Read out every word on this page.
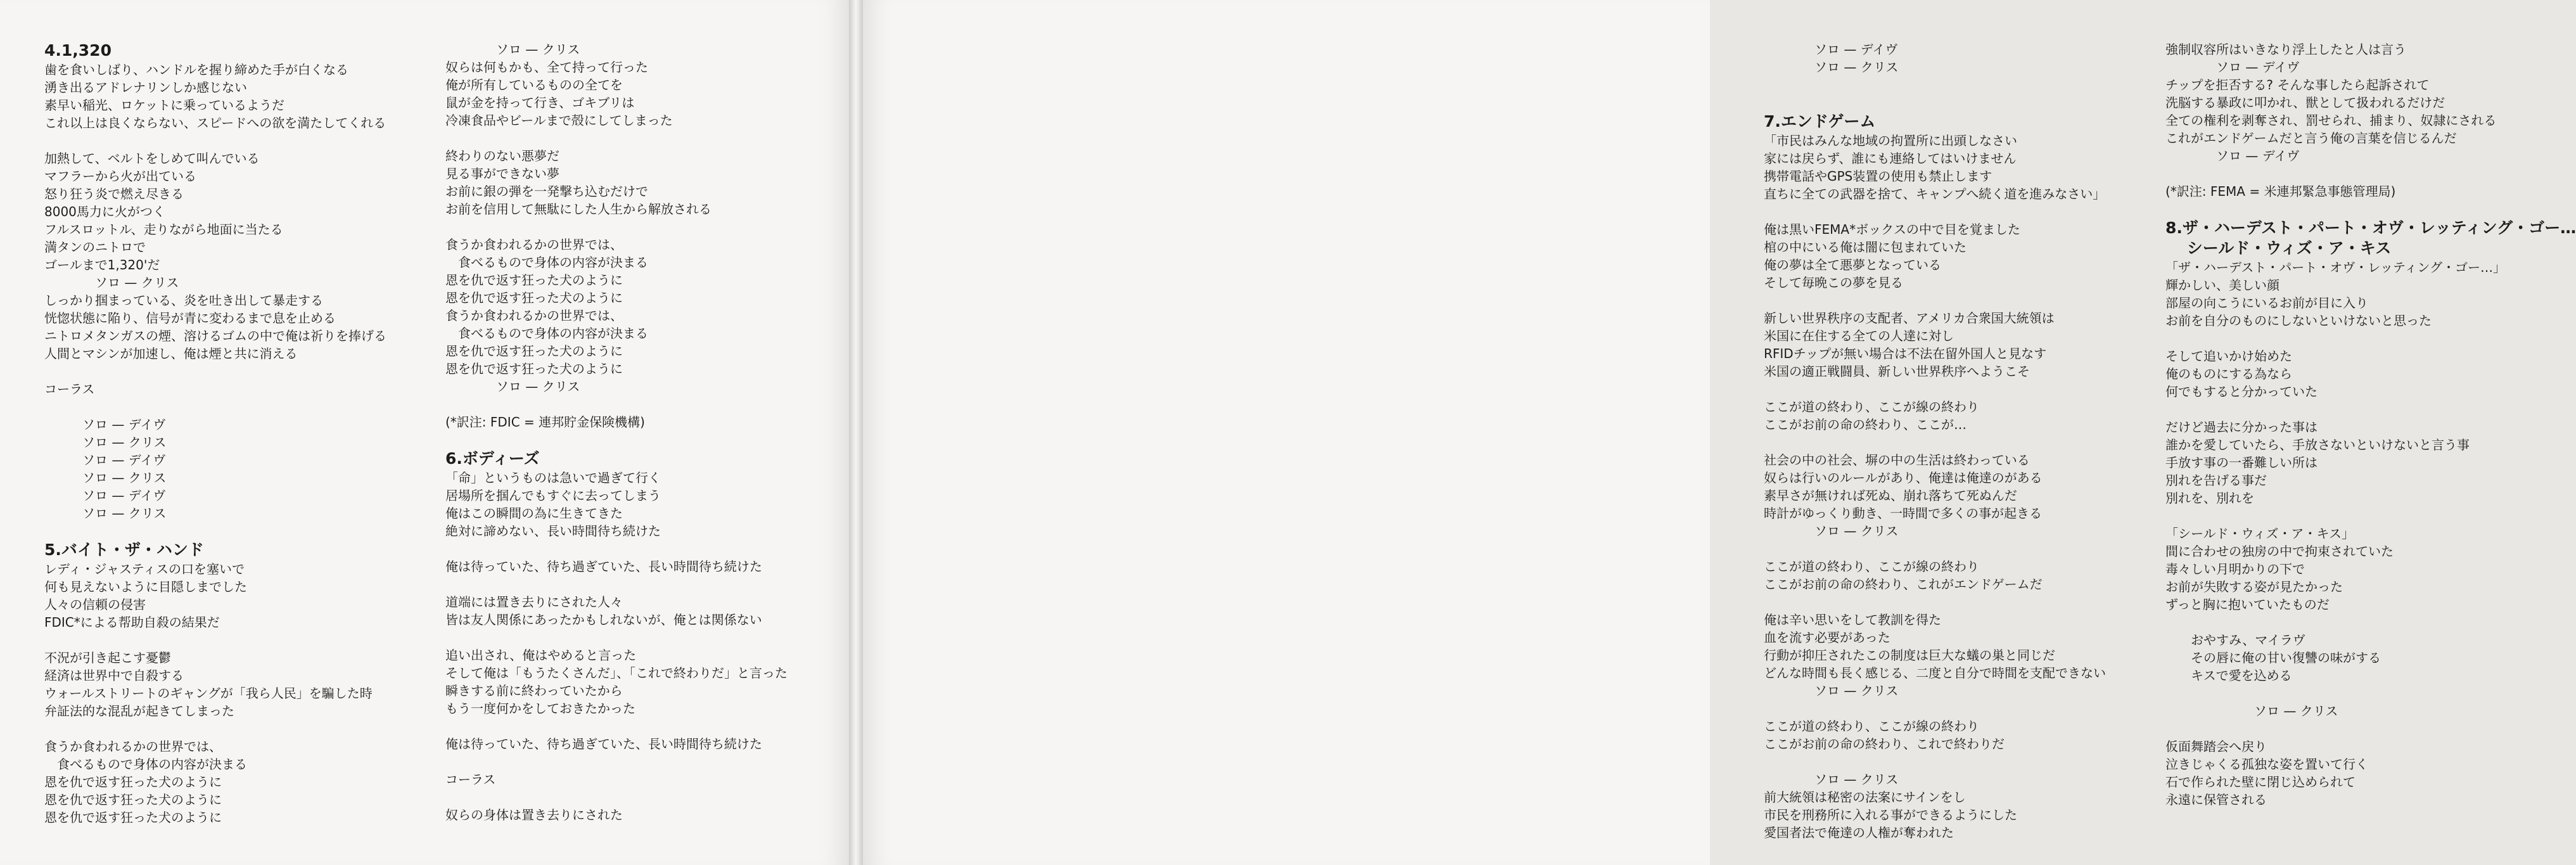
4.1,320
歯を食いしばり、ハンドルを握り締めた手が白くなる
湧き出るアドレナリンしか感じない
素早い稲光、ロケットに乗っているようだ
これ以上は良くならない、スピードへの欲を満たしてくれる
加熱して、ベルトをしめて叫んでいる
マフラーから火が出ている
怒り狂う炎で燃え尽きる
8000馬力に火がつく
フルスロットル、走りながら地面に当たる
満タンのニトロで
ゴールまで1,320'だ
　　　　ソロ — クリス
しっかり掴まっている、炎を吐き出して暴走する
恍惚状態に陥り、信号が青に変わるまで息を止める
ニトロメタンガスの煙、溶けるゴムの中で俺は祈りを捧げる
人間とマシンが加速し、俺は煙と共に消える
コーラス
　　　ソロ — デイヴ
　　　ソロ — クリス
　　　ソロ — デイヴ
　　　ソロ — クリス
　　　ソロ — デイヴ
　　　ソロ — クリス
5.バイト・ザ・ハンド
レディ・ジャスティスの口を塞いで
何も見えないように目隠しまでした
人々の信頼の侵害
FDIC*による帮助自殺の結果だ
不況が引き起こす憂鬱
経済は世界中で自殺する
ウォールストリートのギャングが「我ら人民」を騙した時
弁証法的な混乱が起きてしまった
食うか食われるかの世界では、
　食べるもので身体の内容が決まる
恩を仇で返す狂った犬のように
恩を仇で返す狂った犬のように
恩を仇で返す狂った犬のように
　　　　ソロ — クリス
奴らは何もかも、全て持って行った
俺が所有しているものの全てを
鼠が金を持って行き、ゴキブリは
冷凍食品やビールまで殻にしてしまった
終わりのない悪夢だ
見る事ができない夢
お前に銀の弾を一発撃ち込むだけで
お前を信用して無駄にした人生から解放される
食うか食われるかの世界では、
　食べるもので身体の内容が決まる
恩を仇で返す狂った犬のように
恩を仇で返す狂った犬のように
食うか食われるかの世界では、
　食べるもので身体の内容が決まる
恩を仇で返す狂った犬のように
恩を仇で返す狂った犬のように
　　　　ソロ — クリス
(*訳注: FDIC = 連邦貯金保険機構)
6.ボディーズ
「命」というものは急いで過ぎて行く
居場所を掴んでもすぐに去ってしまう
俺はこの瞬間の為に生きてきた
絶対に諦めない、長い時間待ち続けた
俺は待っていた、待ち過ぎていた、長い時間待ち続けた
道端には置き去りにされた人々
皆は友人関係にあったかもしれないが、俺とは関係ない
追い出され、俺はやめると言った
そして俺は「もうたくさんだ」、「これで終わりだ」と言った
瞬きする前に終わっていたから
もう一度何かをしておきたかった
俺は待っていた、待ち過ぎていた、長い時間待ち続けた
コーラス
奴らの身体は置き去りにされた
　　　　ソロ — デイヴ
　　　　ソロ — クリス
7.エンドゲーム
「市民はみんな地域の拘置所に出頭しなさい
家には戻らず、誰にも連絡してはいけません
携帯電話やGPS装置の使用も禁止します
直ちに全ての武器を捨て、キャンプへ続く道を進みなさい」
俺は黒いFEMA*ボックスの中で目を覚ました
棺の中にいる俺は闇に包まれていた
俺の夢は全て悪夢となっている
そして毎晩この夢を見る
新しい世界秩序の支配者、アメリカ合衆国大統領は
米国に在住する全ての人達に対し
RFIDチップが無い場合は不法在留外国人と見なす
米国の適正戦闘員、新しい世界秩序へようこそ
ここが道の終わり、ここが線の終わり
ここがお前の命の終わり、ここが…
社会の中の社会、塀の中の生活は終わっている
奴らは行いのルールがあり、俺達は俺達のがある
素早さが無ければ死ぬ、崩れ落ちて死ぬんだ
時計がゆっくり動き、一時間で多くの事が起きる
　　　　ソロ — クリス
ここが道の終わり、ここが線の終わり
ここがお前の命の終わり、これがエンドゲームだ
俺は辛い思いをして教訓を得た
血を流す必要があった
行動が抑圧されたこの制度は巨大な蟻の巣と同じだ
どんな時間も長く感じる、二度と自分で時間を支配できない
　　　　ソロ — クリス
ここが道の終わり、ここが線の終わり
ここがお前の命の終わり、これで終わりだ
　　　　ソロ — クリス
前大統領は秘密の法案にサインをし
市民を刑務所に入れる事ができるようにした
愛国者法で俺達の人権が奪われた
強制収容所はいきなり浮上したと人は言う
　　　　ソロ — デイヴ
チップを拒否する? そんな事したら起訴されて
洗脳する暴政に叩かれ、獣として扱われるだけだ
全ての権利を剥奪され、罰せられ、捕まり、奴隷にされる
これがエンドゲームだと言う俺の言葉を信じるんだ
　　　　ソロ — デイヴ
(*訳注: FEMA = 米連邦緊急事態管理局)
8.ザ・ハーデスト・パート・オヴ・レッティング・ゴー…
　 シールド・ウィズ・ア・キス
「ザ・ハーデスト・パート・オヴ・レッティング・ゴー…」
輝かしい、美しい顔
部屋の向こうにいるお前が目に入り
お前を自分のものにしないといけないと思った
そして追いかけ始めた
俺のものにする為なら
何でもすると分かっていた
だけど過去に分かった事は
誰かを愛していたら、手放さないといけないと言う事
手放す事の一番難しい所は
別れを告げる事だ
別れを、別れを
「シールド・ウィズ・ア・キス」
間に合わせの独房の中で拘束されていた
毒々しい月明かりの下で
お前が失敗する姿が見たかった
ずっと胸に抱いていたものだ
　　おやすみ、マイラヴ
　　その唇に俺の甘い復讐の味がする
　　キスで愛を込める
　　　　　　　ソロ — クリス
仮面舞踏会へ戻り
泣きじゃくる孤独な姿を置いて行く
石で作られた壁に閉じ込められて
永遠に保管される
